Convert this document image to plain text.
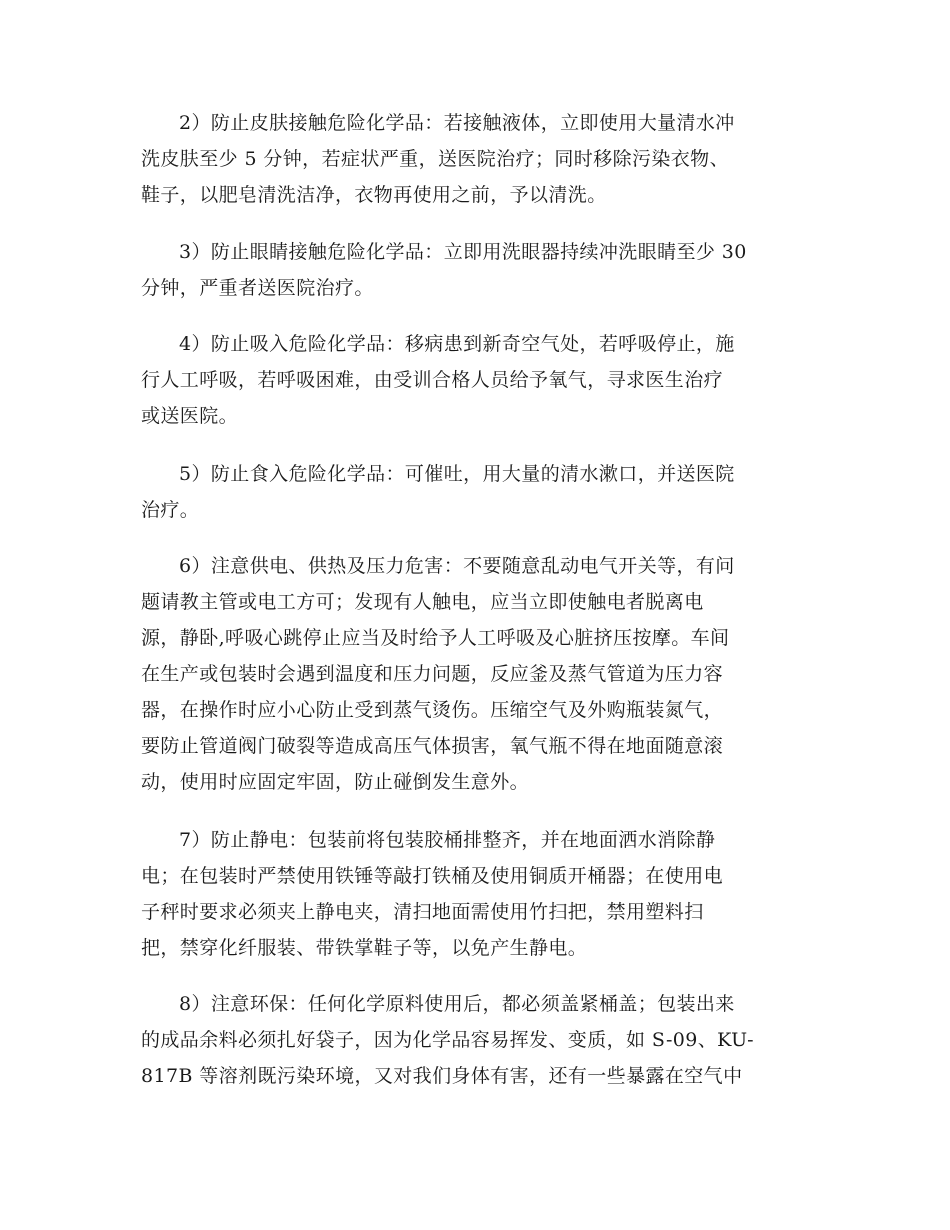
2）防止皮肤接触危险化学品：若接触液体，立即使用大量清水冲
洗皮肤至少 5 分钟，若症状严重，送医院治疗；同时移除污染衣物、
鞋子，以肥皂清洗洁净，衣物再使用之前，予以清洗。
3）防止眼睛接触危险化学品：立即用洗眼器持续冲洗眼睛至少 30
分钟，严重者送医院治疗。
4）防止吸入危险化学品：移病患到新奇空气处，若呼吸停止，施
行人工呼吸，若呼吸困难，由受训合格人员给予氧气，寻求医生治疗
或送医院。
5）防止食入危险化学品：可催吐，用大量的清水漱口，并送医院
治疗。
6）注意供电、供热及压力危害：不要随意乱动电气开关等，有问
题请教主管或电工方可；发现有人触电，应当立即使触电者脱离电
源，静卧,呼吸心跳停止应当及时给予人工呼吸及心脏挤压按摩。车间
在生产或包装时会遇到温度和压力问题，反应釜及蒸气管道为压力容
器，在操作时应小心防止受到蒸气烫伤。压缩空气及外购瓶装氮气，
要防止管道阀门破裂等造成高压气体损害，氧气瓶不得在地面随意滚
动，使用时应固定牢固，防止碰倒发生意外。
7）防止静电：包装前将包装胶桶排整齐，并在地面洒水消除静
电；在包装时严禁使用铁锤等敲打铁桶及使用铜质开桶器；在使用电
子秤时要求必须夹上静电夹，清扫地面需使用竹扫把，禁用塑料扫
把，禁穿化纤服装、带铁掌鞋子等，以免产生静电。
8）注意环保：任何化学原料使用后，都必须盖紧桶盖；包装出来
的成品余料必须扎好袋子，因为化学品容易挥发、变质，如 S-09、KU-
817B 等溶剂既污染环境，又对我们身体有害，还有一些暴露在空气中
